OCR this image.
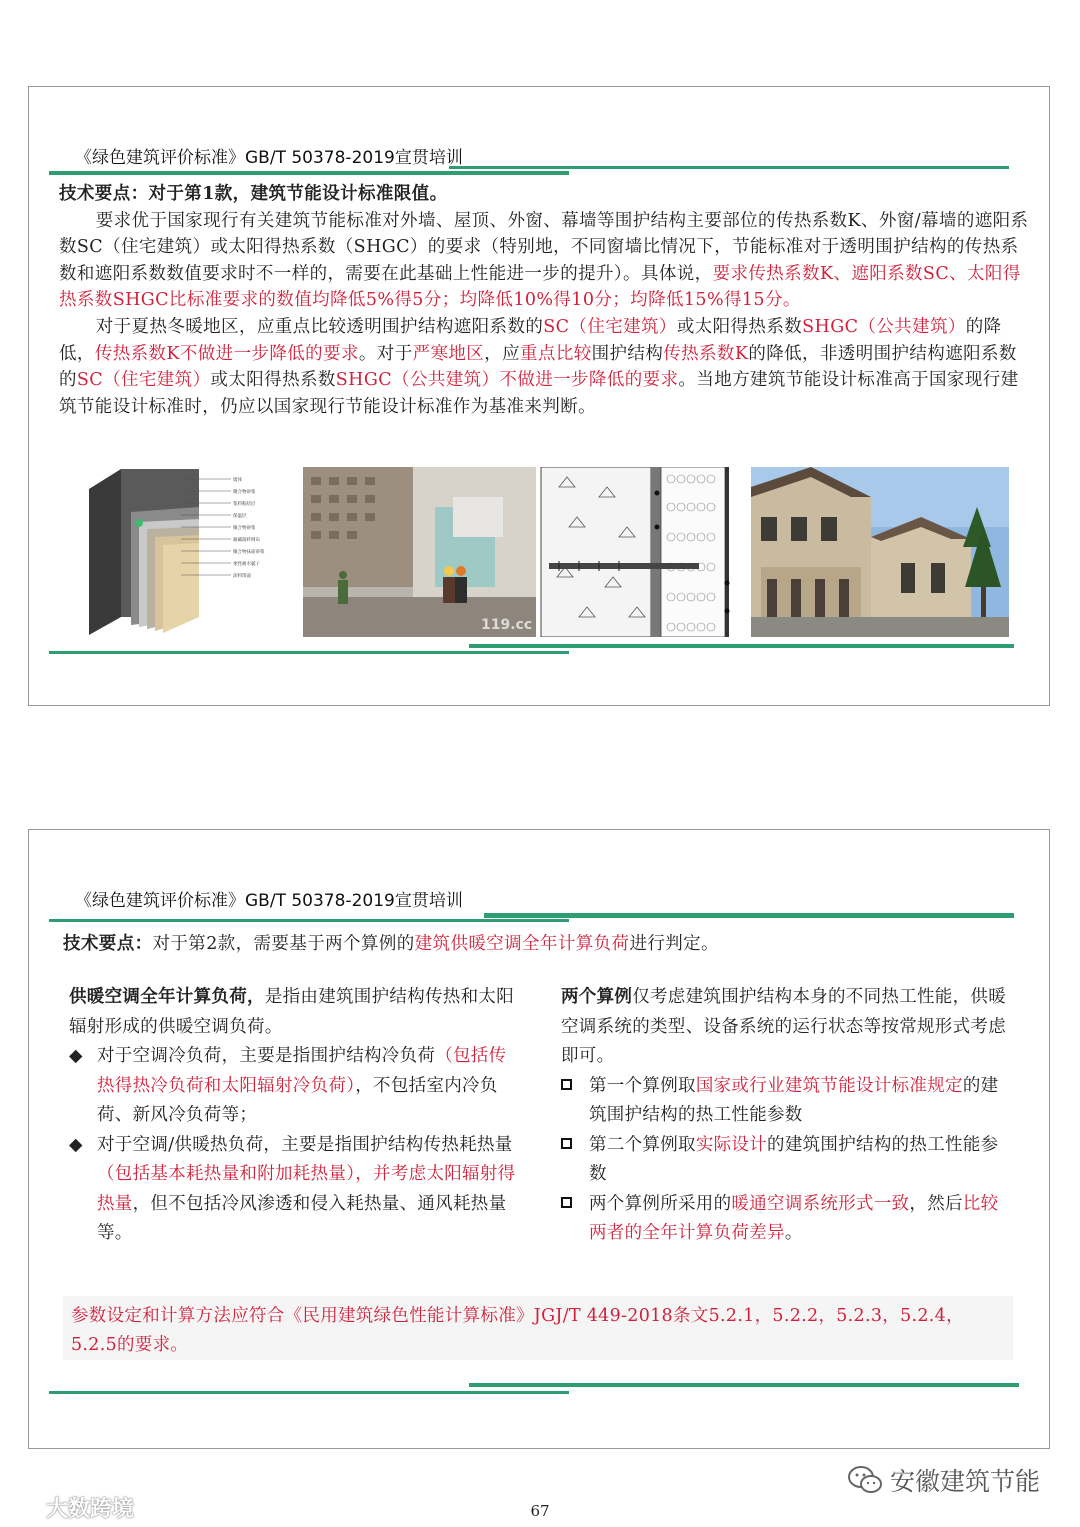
《绿色建筑评价标准》GB/T 50378-2019宣贯培训

技术要点：对于第1款，建筑节能设计标准限值。

要求优于国家现行有关建筑节能标准对外墙、屋顶、外窗、幕墙等围护结构主要部位的传热系数K、外窗/幕墙的遮阳系数SC（住宅建筑）或太阳得热系数（SHGC）的要求（特别地，不同窗墙比情况下，节能标准对于透明围护结构的传热系数和遮阳系数数值要求时不一样的，需要在此基础上性能进一步的提升）。具体说，要求传热系数K、遮阳系数SC、太阳得热系数SHGC比标准要求的数值均降低5%得5分；均降低10%得10分；均降低15%得15分。

对于夏热冬暖地区，应重点比较透明围护结构遮阳系数的SC（住宅建筑）或太阳得热系数SHGC（公共建筑）的降低，传热系数K不做进一步降低的要求。对于严寒地区，应重点比较围护结构传热系数K的降低，非透明围护结构遮阳系数的SC（住宅建筑）或太阳得热系数SHGC（公共建筑）不做进一步降低的要求。当地方建筑节能设计标准高于国家现行建筑节能设计标准时，仍应以国家现行节能设计标准作为基准来判断。

墙体
聚合物砂浆
浆料粘结层
保温层
聚合物砂浆
耐碱玻纤网布
聚合物抹面砂浆
柔性耐水腻子
涂料饰面
119.cc
《绿色建筑评价标准》GB/T 50378-2019宣贯培训

技术要点：对于第2款，需要基于两个算例的建筑供暖空调全年计算负荷进行判定。

供暖空调全年计算负荷，是指由建筑围护结构传热和太阳辐射形成的供暖空调负荷。

◆ 对于空调冷负荷，主要是指围护结构冷负荷（包括传热得热冷负荷和太阳辐射冷负荷），不包括室内冷负荷、新风冷负荷等；
◆ 对于空调/供暖热负荷，主要是指围护结构传热耗热量（包括基本耗热量和附加耗热量），并考虑太阳辐射得热量，但不包括冷风渗透和侵入耗热量、通风耗热量等。

两个算例仅考虑建筑围护结构本身的不同热工性能，供暖空调系统的类型、设备系统的运行状态等按常规形式考虑即可。

第一个算例取国家或行业建筑节能设计标准规定的建筑围护结构的热工性能参数
第二个算例取实际设计的建筑围护结构的热工性能参数
两个算例所采用的暖通空调系统形式一致，然后比较两者的全年计算负荷差异。
参数设定和计算方法应符合《民用建筑绿色性能计算标准》JGJ/T 449-2018条文5.2.1，5.2.2，5.2.3，5.2.4，5.2.5的要求。
安徽建筑节能
大数跨境	67
